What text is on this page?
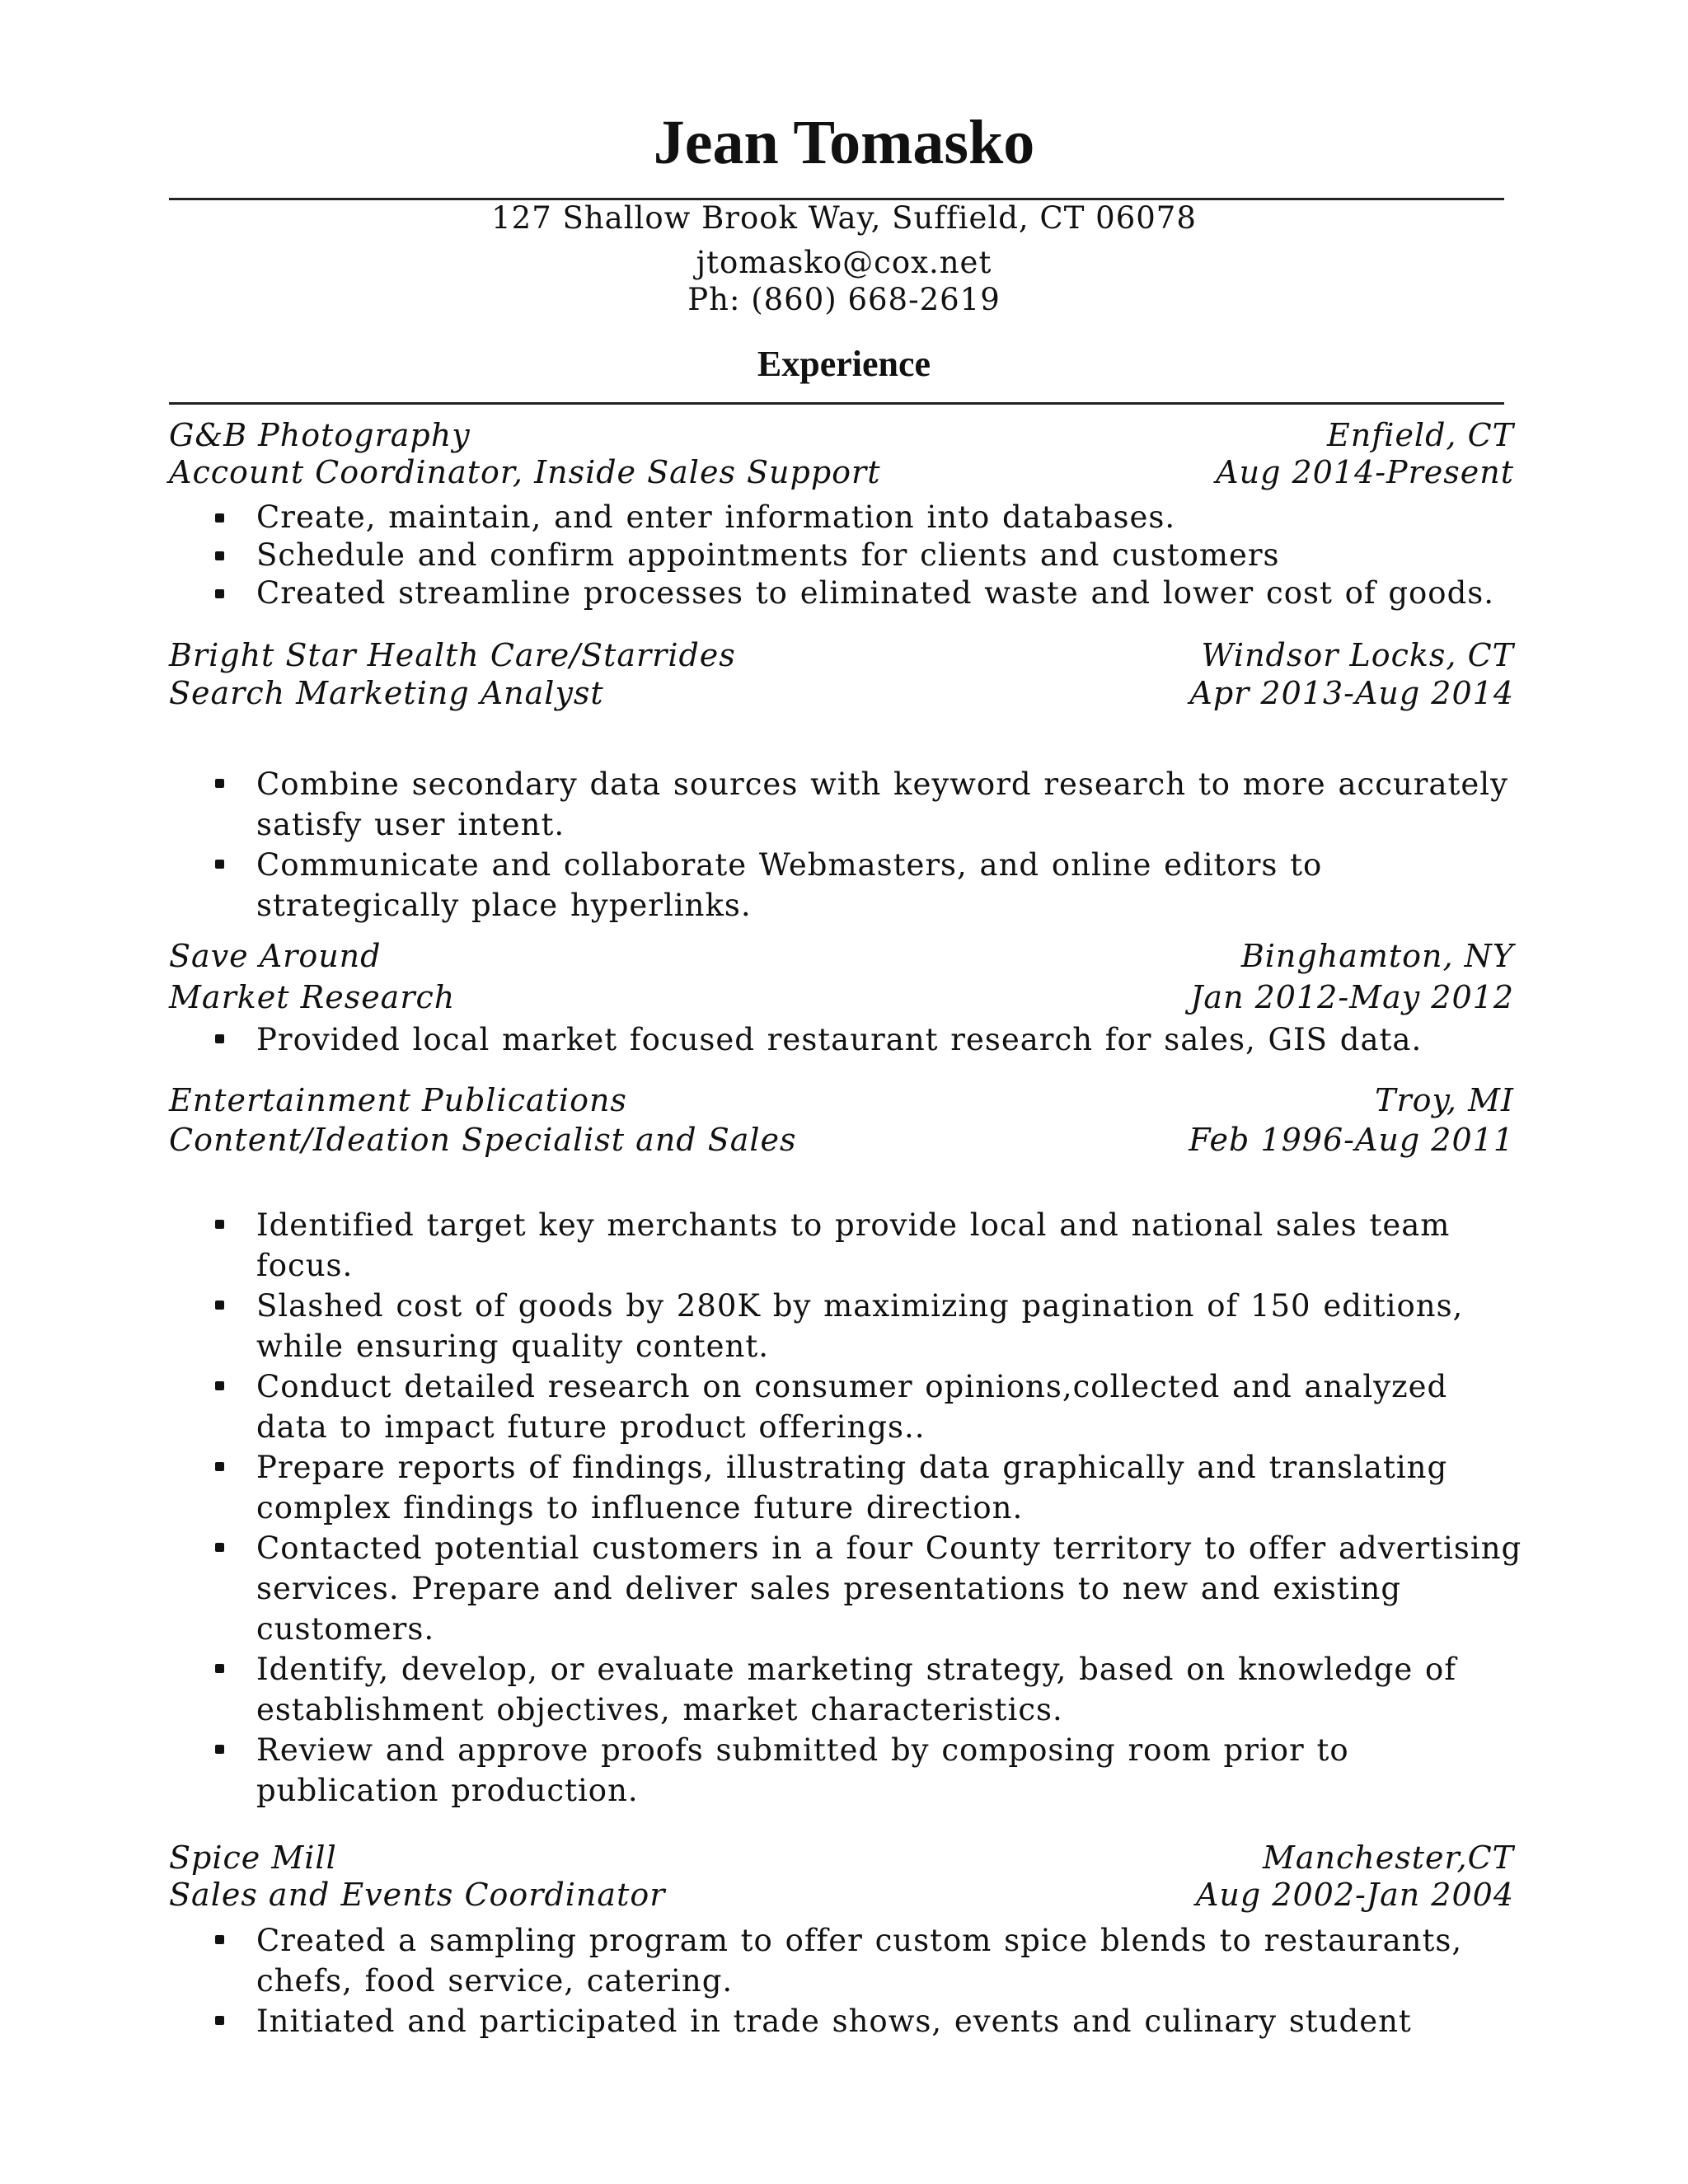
Jean Tomasko
127 Shallow Brook Way, Suffield, CT 06078
jtomasko@cox.net
Ph: (860) 668-2619
Experience
G&B Photography	Enfield, CT
Account Coordinator, Inside Sales Support	Aug 2014-Present
Create, maintain, and enter information into databases.
Schedule and confirm appointments for clients and customers
Created streamline processes to eliminated waste and lower cost of goods.
Bright Star Health Care/Starrides	Windsor Locks, CT
Search Marketing Analyst	Apr 2013-Aug 2014
Combine secondary data sources with keyword research to more accurately satisfy user intent.
Communicate and collaborate Webmasters, and online editors to strategically place hyperlinks.
Save Around	Binghamton, NY
Market Research	Jan 2012-May 2012
Provided local market focused restaurant research for sales, GIS data.
Entertainment Publications	Troy, MI
Content/Ideation Specialist and Sales	Feb 1996-Aug 2011
Identified target key merchants to provide local and national sales team focus.
Slashed cost of goods by 280K by maximizing pagination of 150 editions, while ensuring quality content.
Conduct detailed research on consumer opinions,collected and analyzed data to impact future product offerings..
Prepare reports of findings, illustrating data graphically and translating complex findings to influence future direction.
Contacted potential customers in a four County territory to offer advertising services. Prepare and deliver sales presentations to new and existing customers.
Identify, develop, or evaluate marketing strategy, based on knowledge of establishment objectives, market characteristics.
Review and approve proofs submitted by composing room prior to publication production.
Spice Mill	Manchester,CT
Sales and Events Coordinator	Aug 2002-Jan 2004
Created a sampling program to offer custom spice blends to restaurants, chefs, food service, catering.
Initiated and participated in trade shows, events and culinary student
